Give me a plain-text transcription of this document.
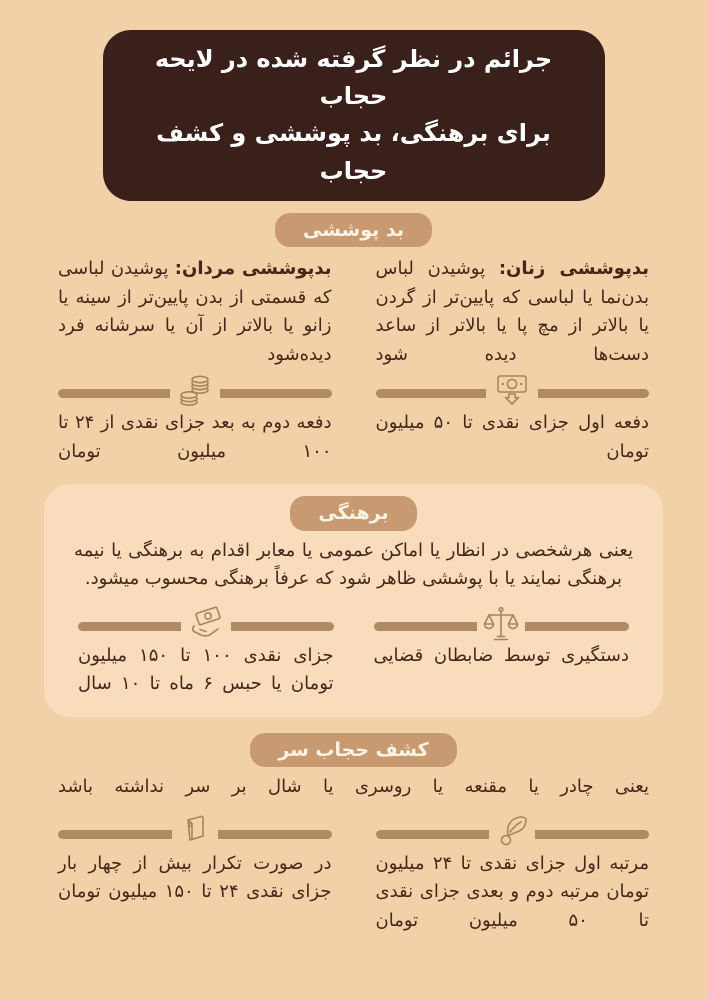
جرائم در نظر گرفته شده در لایحه حجاب
برای برهنگی، بد پوششی و کشف حجاب
بد پوششی

بدپوششی زنان: پوشیدن لباس بدن‌نما یا لباسی که پایین‌تر از گردن یا بالاتر از مچ پا یا بالاتر از ساعد دست‌ها دیده شود

دفعه اول جزای نقدی تا ۵۰ میلیون تومان

بدپوششی مردان: پوشیدن لباسی که قسمتی از بدن پایین‌تر از سینه یا زانو یا بالاتر از آن یا سرشانه فرد دیده‌شود

دفعه دوم به بعد جزای نقدی از ۲۴ تا ۱۰۰ میلیون تومان

برهنگی

یعنی هرشخصی در انظار یا اماکن عمومی یا معابر اقدام به برهنگی یا نیمه برهنگی نمایند یا با پوششی ظاهر شود که عرفاً برهنگی محسوب میشود.

دستگیری توسط ضابطان قضایی

جزای نقدی ۱۰۰ تا ۱۵۰ میلیون تومان یا حبس ۶ ماه تا ۱۰ سال

کشف حجاب سر

یعنی چادر یا مقنعه یا روسری یا شال بر سر نداشته باشد

مرتبه اول جزای نقدی تا ۲۴ میلیون تومان مرتبه دوم و بعدی جزای نقدی تا ۵۰ میلیون تومان

در صورت تکرار بیش از چهار بار جزای نقدی ۲۴ تا ۱۵۰ میلیون تومان
